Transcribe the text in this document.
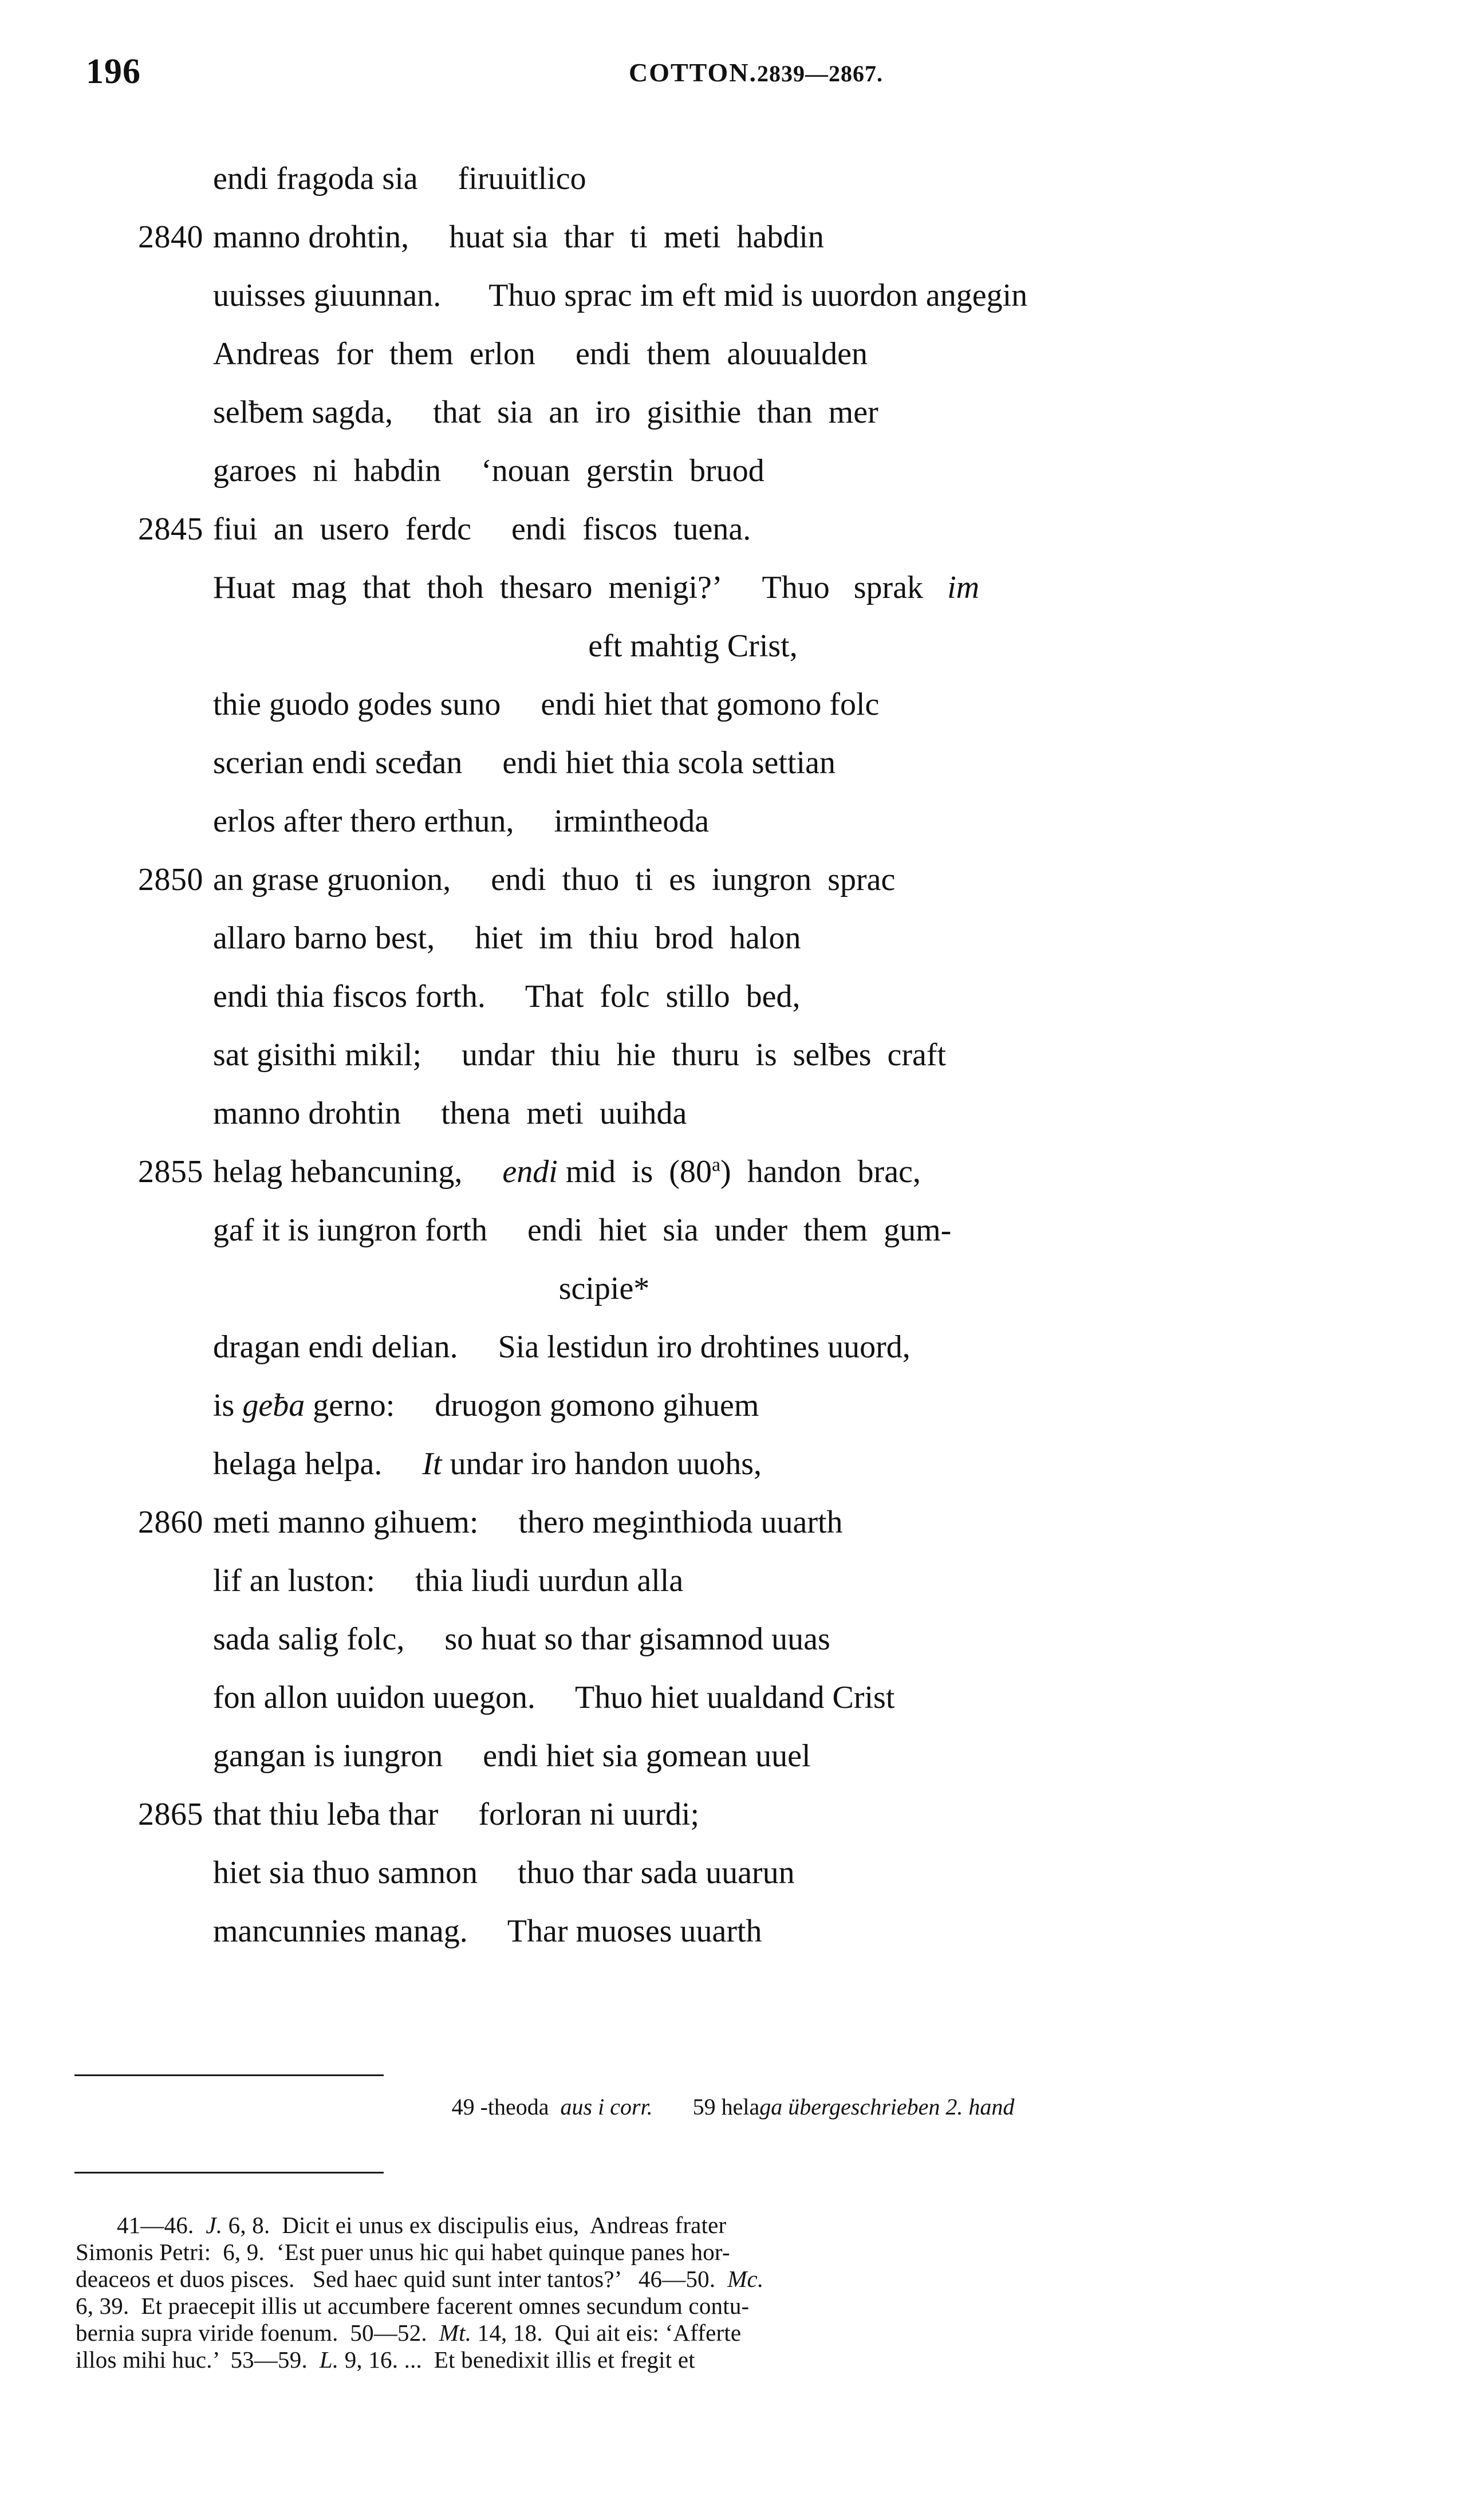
196	COTTON.2839—2867.
endi fragoda sia  firuuitlico
2840 manno drohtin,  huat sia  thar  ti  meti  habdin
uuisses giuunnan.  Thuo sprac im eft mid is uuordon angegin
Andreas  for  them  erlon  endi  them  alouualden
selƀem sagda,  that  sia  an  iro  gisithie  than  mer
garoes  ni  habdin  ‘nouan  gerstin  bruod
2845 fiui  an  usero  ferdc  endi  fiscos  tuena.
Huat  mag  that  thoh  thesaro  menigi?’  Thuo   sprak   im
eft mahtig Crist,
thie guodo godes suno  endi hiet that gomono folc
scerian endi sceđan  endi hiet thia scola settian
erlos after thero erthun,  irmintheoda
2850 an grase gruonion,  endi  thuo  ti  es  iungron  sprac
allaro barno best,  hiet  im  thiu  brod  halon
endi thia fiscos forth.  That  folc  stillo  bed,
sat gisithi mikil;  undar  thiu  hie  thuru  is  selƀes  craft
manno drohtin  thena  meti  uuihda
2855 helag hebancuning,  endi mid  is  (80$^a$)  handon  brac,
gaf it is iungron forth  endi  hiet  sia  under  them  gum-
scipie*
dragan endi delian.  Sia lestidun iro drohtines uuord,
is geƀa gerno:  druogon gomono gihuem
helaga helpa.  It undar iro handon uuohs,
2860 meti manno gihuem:  thero meginthioda uuarth
lif an luston:  thia liudi uurdun alla
sada salig folc,  so huat so thar gisamnod uuas
fon allon uuidon uuegon.  Thuo hiet uualdand Crist
gangan is iungron  endi hiet sia gomean uuel
2865 that thiu leƀa thar  forloran ni uurdi;
hiet sia thuo samnon  thuo thar sada uuarun
mancunnies manag.  Thar muoses uuarth
49 -theoda  aus i corr. 59 helaga übergeschrieben 2. hand
41—46.  J. 6, 8.  Dicit ei unus ex discipulis eius,  Andreas frater
Simonis Petri:  6, 9.  ‘Est puer unus hic qui habet quinque panes hor-
deaceos et duos pisces.   Sed haec quid sunt inter tantos?’   46—50.  Mc.
6, 39.  Et praecepit illis ut accumbere facerent omnes secundum contu-
bernia supra viride foenum.  50—52.  Mt. 14, 18.  Qui ait eis: ‘Afferte
illos mihi huc.’  53—59.  L. 9, 16. ...  Et benedixit illis et fregit et
